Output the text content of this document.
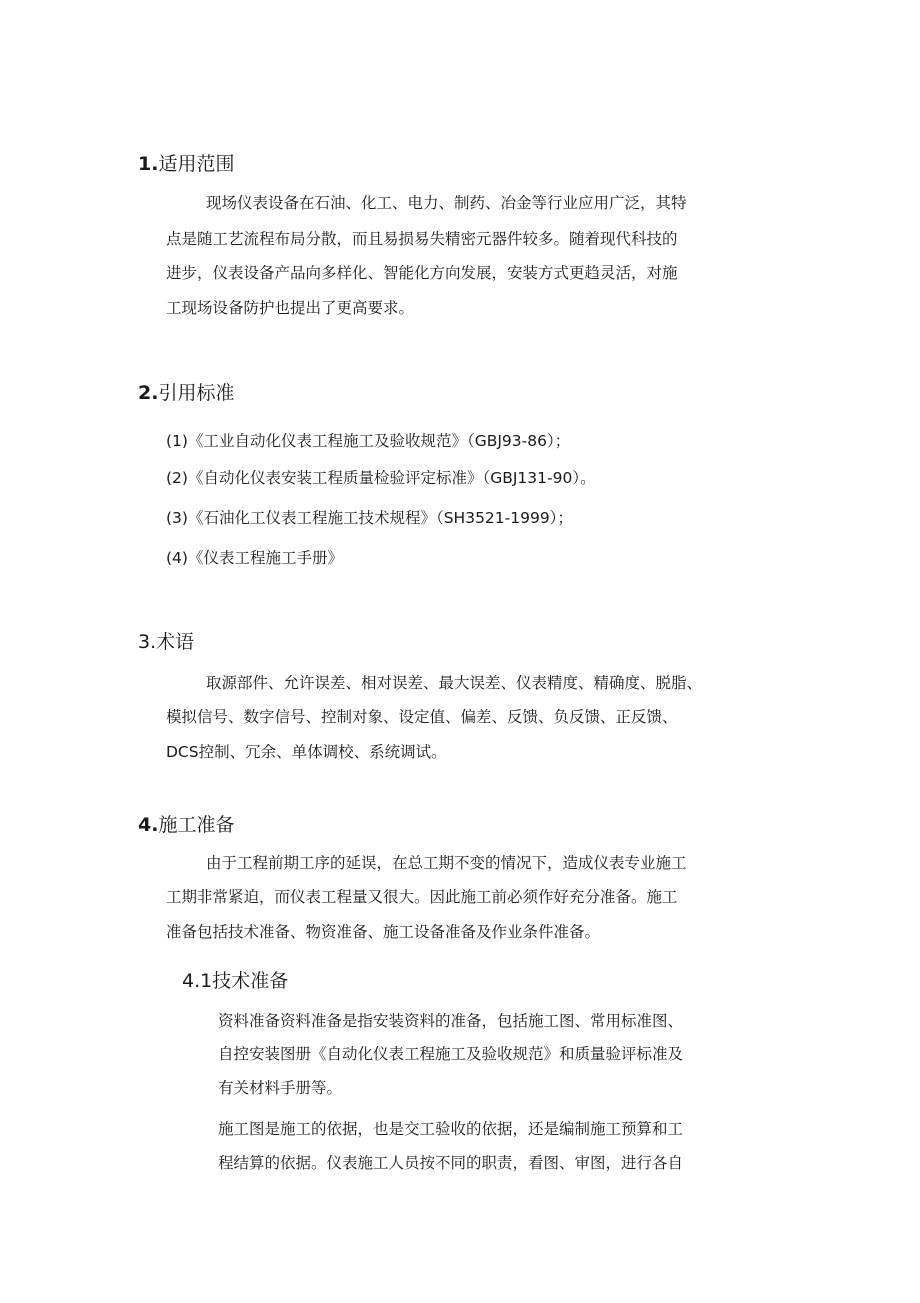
1.适用范围

现场仪表设备在石油、化工、电力、制药、冶金等行业应用广泛，其特

点是随工艺流程布局分散，而且易损易失精密元器件较多。随着现代科技的

进步，仪表设备产品向多样化、智能化方向发展，安装方式更趋灵活，对施

工现场设备防护也提出了更高要求。

2.引用标准

(1)《工业自动化仪表工程施工及验收规范》（GBJ93-86）；

(2)《自动化仪表安装工程质量检验评定标准》（GBJ131-90）。

(3)《石油化工仪表工程施工技术规程》（SH3521-1999）；

(4)《仪表工程施工手册》

3.术语

取源部件、允许误差、相对误差、最大误差、仪表精度、精确度、脱脂、

模拟信号、数字信号、控制对象、设定值、偏差、反馈、负反馈、正反馈、

DCS控制、冗余、单体调校、系统调试。

4.施工准备

由于工程前期工序的延误，在总工期不变的情况下，造成仪表专业施工

工期非常紧迫，而仪表工程量又很大。因此施工前必须作好充分准备。施工

准备包括技术准备、物资准备、施工设备准备及作业条件准备。

4.1技术准备

资料准备资料准备是指安装资料的准备，包括施工图、常用标准图、

自控安装图册《自动化仪表工程施工及验收规范》和质量验评标准及

有关材料手册等。

施工图是施工的依据，也是交工验收的依据，还是编制施工预算和工

程结算的依据。仪表施工人员按不同的职责，看图、审图，进行各自
